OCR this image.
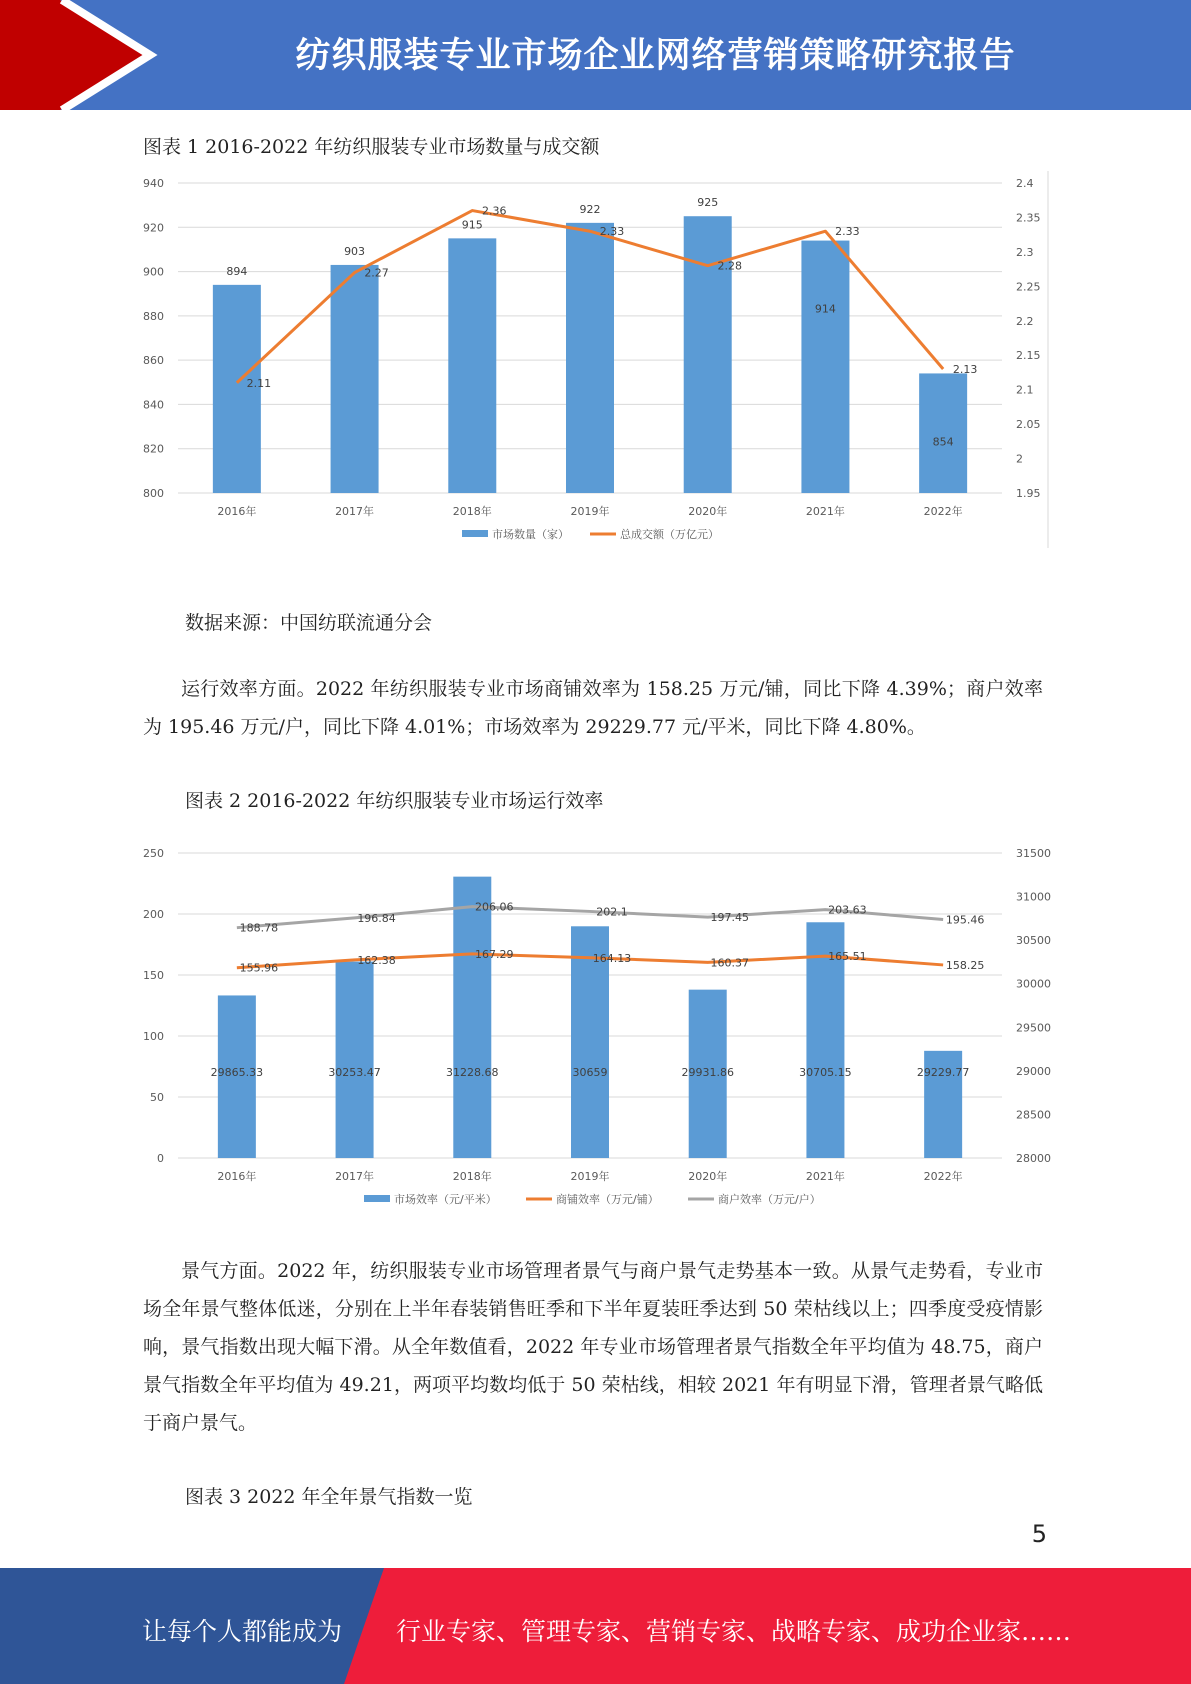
纺织服装专业市场企业网络营销策略研究报告
图表 1 2016-2022 年纺织服装专业市场数量与成交额
940
920
900
880
860
840
820
800
2.4
2.35
2.3
2.25
2.2
2.15
2.1
2.05
2
1.95
2016年	2017年	2018年	2019年	2020年	2021年	2022年
894
903
915
922
925
914
854
2.11
2.27
2.36
2.33
2.28
2.33
2.13
市场数量（家）	总成交额（万亿元）
数据来源：中国纺联流通分会

运行效率方面。2022 年纺织服装专业市场商铺效率为 158.25 万元/铺，同比下降 4.39%；商户效率为 195.46 万元/户，同比下降 4.01%；市场效率为 29229.77 元/平米，同比下降 4.80%。

图表 2 2016-2022 年纺织服装专业市场运行效率
250
200
150
100
50
0
31500
31000
30500
30000
29500
29000
28500
28000
2016年	2017年	2018年	2019年	2020年	2021年	2022年
29865.33	30253.47	31228.68	30659	29931.86	30705.15	29229.77
155.96
162.38	167.29	164.13	160.37	165.51
158.25
188.78
196.84
206.06	202.1	197.45
203.63
195.46
市场效率（元/平米）	商铺效率（万元/铺）	商户效率（万元/户）

景气方面。2022 年，纺织服装专业市场管理者景气与商户景气走势基本一致。从景气走势看，专业市场全年景气整体低迷，分别在上半年春装销售旺季和下半年夏装旺季达到 50 荣枯线以上；四季度受疫情影响，景气指数出现大幅下滑。从全年数值看，2022 年专业市场管理者景气指数全年平均值为 48.75，商户景气指数全年平均值为 49.21，两项平均数均低于 50 荣枯线，相较 2021 年有明显下滑，管理者景气略低于商户景气。

图表 3 2022 年全年景气指数一览
5
让每个人都能成为 行业专家、管理专家、营销专家、战略专家、成功企业家……
